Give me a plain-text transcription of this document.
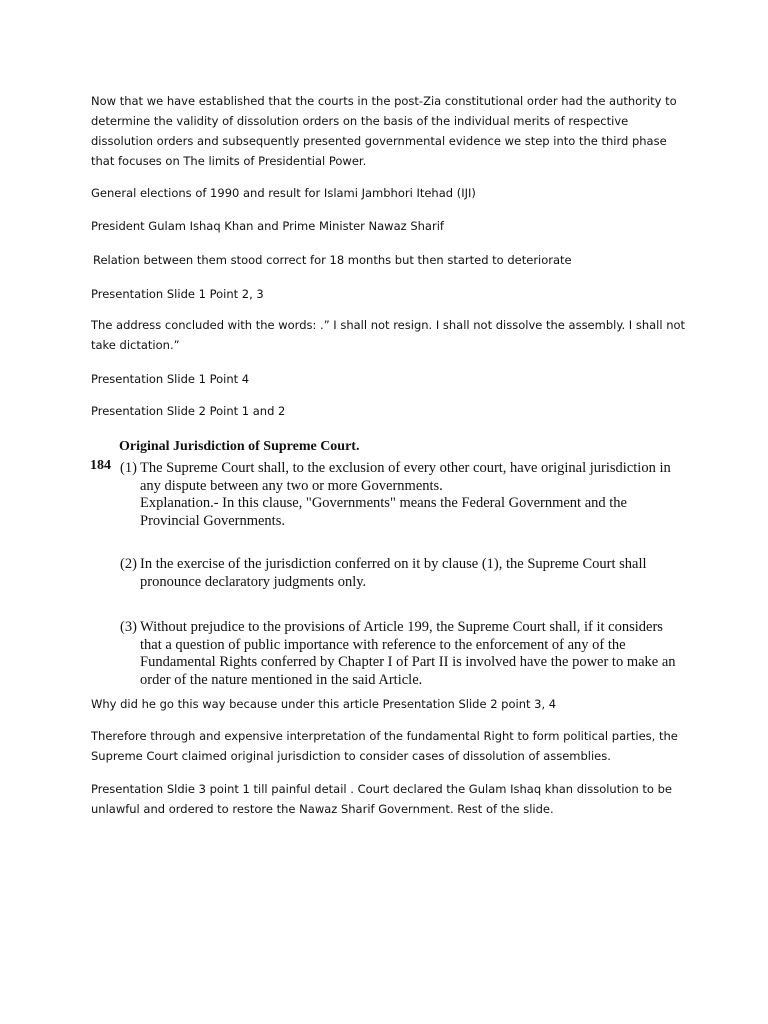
Now that we have established that the courts in the post-Zia constitutional order had the authority to determine the validity of dissolution orders on the basis of the individual merits of respective dissolution orders and subsequently presented governmental evidence we step into the third phase that focuses on The limits of Presidential Power.

General elections of 1990 and result for Islami Jambhori Itehad (IJI)

President Gulam Ishaq Khan and Prime Minister Nawaz Sharif

Relation between them stood correct for 18 months but then started to deteriorate

Presentation Slide 1 Point 2, 3

The address concluded with the words: .” I shall not resign. I shall not dissolve the assembly. I shall not take dictation.”

Presentation Slide 1 Point 4

Presentation Slide 2 Point 1 and 2

Original Jurisdiction of Supreme Court.

184 (1) The Supreme Court shall, to the exclusion of every other court, have original jurisdiction in any dispute between any two or more Governments.
Explanation.- In this clause, "Governments" means the Federal Government and the Provincial Governments.
(2) In the exercise of the jurisdiction conferred on it by clause (1), the Supreme Court shall pronounce declaratory judgments only.
(3) Without prejudice to the provisions of Article 199, the Supreme Court shall, if it considers that a question of public importance with reference to the enforcement of any of the Fundamental Rights conferred by Chapter I of Part II is involved have the power to make an order of the nature mentioned in the said Article.

Why did he go this way because under this article Presentation Slide 2 point 3, 4

Therefore through and expensive interpretation of the fundamental Right to form political parties, the Supreme Court claimed original jurisdiction to consider cases of dissolution of assemblies.

Presentation Sldie 3 point 1 till painful detail . Court declared the Gulam Ishaq khan dissolution to be unlawful and ordered to restore the Nawaz Sharif Government. Rest of the slide.
